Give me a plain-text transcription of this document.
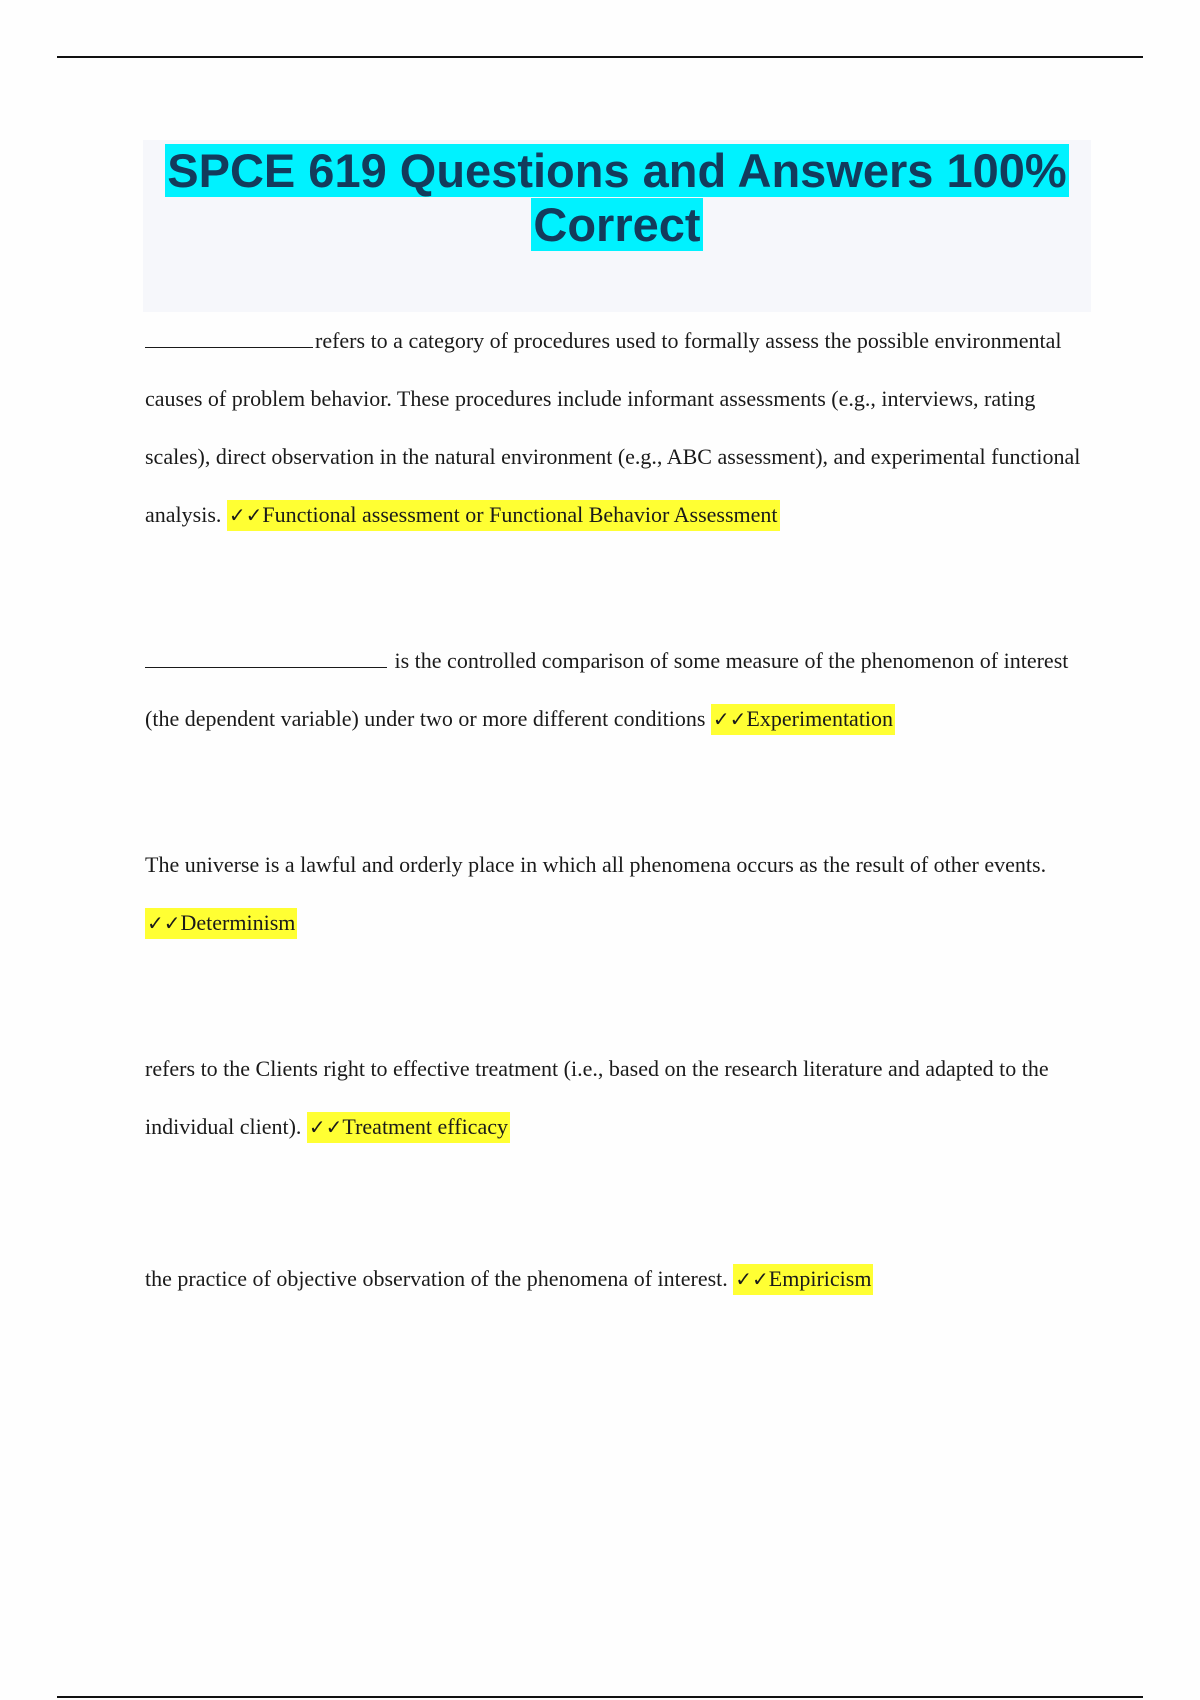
SPCE 619 Questions and Answers 100% Correct

refers to a category of procedures used to formally assess the possible environmental causes of problem behavior. These procedures include informant assessments (e.g., interviews, rating scales), direct observation in the natural environment (e.g., ABC assessment), and experimental functional analysis. ✓✓Functional assessment or Functional Behavior Assessment

is the controlled comparison of some measure of the phenomenon of interest (the dependent variable) under two or more different conditions ✓✓Experimentation

The universe is a lawful and orderly place in which all phenomena occurs as the result of other events. ✓✓Determinism

refers to the Clients right to effective treatment (i.e., based on the research literature and adapted to the individual client). ✓✓Treatment efficacy

the practice of objective observation of the phenomena of interest. ✓✓Empiricism
